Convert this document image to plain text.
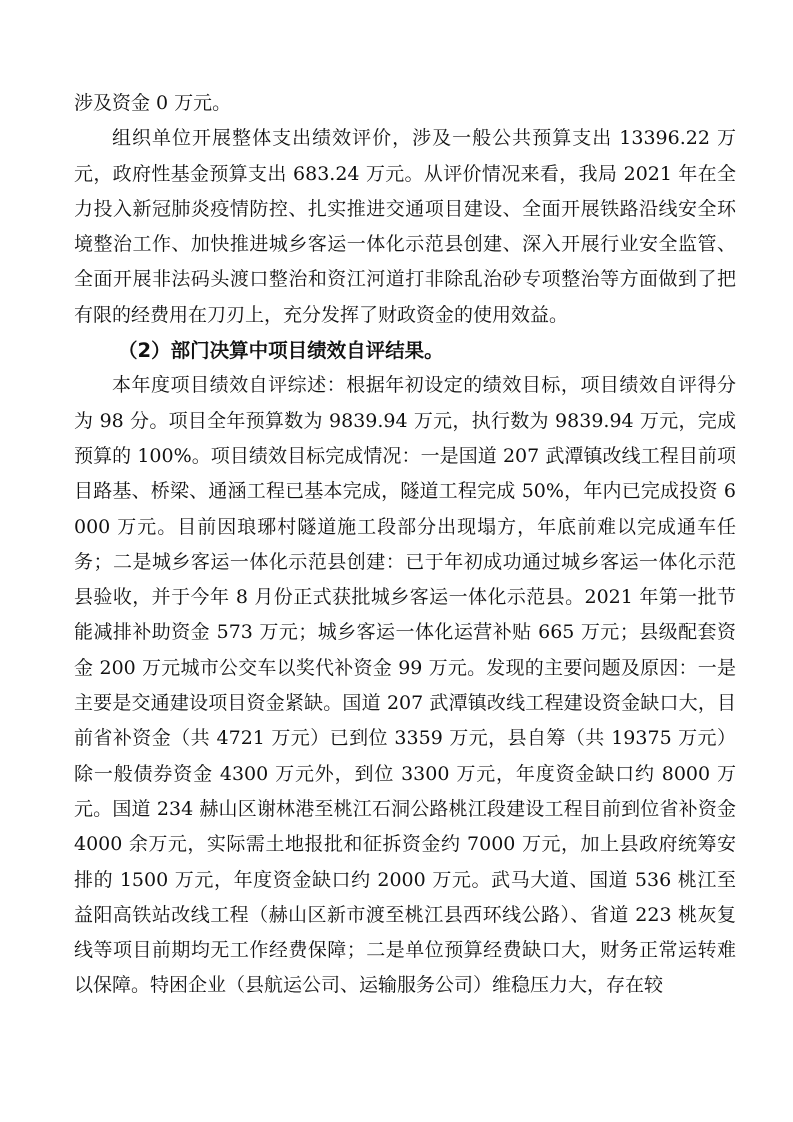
涉及资金 0 万元。

组织单位开展整体支出绩效评价，涉及一般公共预算支出 13396.22 万元，政府性基金预算支出 683.24 万元。从评价情况来看，我局 2021 年在全力投入新冠肺炎疫情防控、扎实推进交通项目建设、全面开展铁路沿线安全环境整治工作、加快推进城乡客运一体化示范县创建、深入开展行业安全监管、全面开展非法码头渡口整治和资江河道打非除乱治砂专项整治等方面做到了把有限的经费用在刀刃上，充分发挥了财政资金的使用效益。

（2）部门决算中项目绩效自评结果。

本年度项目绩效自评综述：根据年初设定的绩效目标，项目绩效自评得分为 98 分。项目全年预算数为 9839.94 万元，执行数为 9839.94 万元，完成预算的 100%。项目绩效目标完成情况：一是国道 207 武潭镇改线工程目前项目路基、桥梁、通涵工程已基本完成，隧道工程完成 50%，年内已完成投资 6000 万元。目前因琅琊村隧道施工段部分出现塌方，年底前难以完成通车任务；二是城乡客运一体化示范县创建：已于年初成功通过城乡客运一体化示范县验收，并于今年 8 月份正式获批城乡客运一体化示范县。2021 年第一批节能减排补助资金 573 万元；城乡客运一体化运营补贴 665 万元；县级配套资金 200 万元城市公交车以奖代补资金 99 万元。发现的主要问题及原因：一是主要是交通建设项目资金紧缺。国道 207 武潭镇改线工程建设资金缺口大，目前省补资金（共 4721 万元）已到位 3359 万元，县自筹（共 19375 万元）除一般债券资金 4300 万元外，到位 3300 万元，年度资金缺口约 8000 万元。国道 234 赫山区谢林港至桃江石洞公路桃江段建设工程目前到位省补资金 4000 余万元，实际需土地报批和征拆资金约 7000 万元，加上县政府统筹安排的 1500 万元，年度资金缺口约 2000 万元。武马大道、国道 536 桃江至益阳高铁站改线工程（赫山区新市渡至桃江县西环线公路）、省道 223 桃灰复线等项目前期均无工作经费保障；二是单位预算经费缺口大，财务正常运转难以保障。特困企业（县航运公司、运输服务公司）维稳压力大，存在较
